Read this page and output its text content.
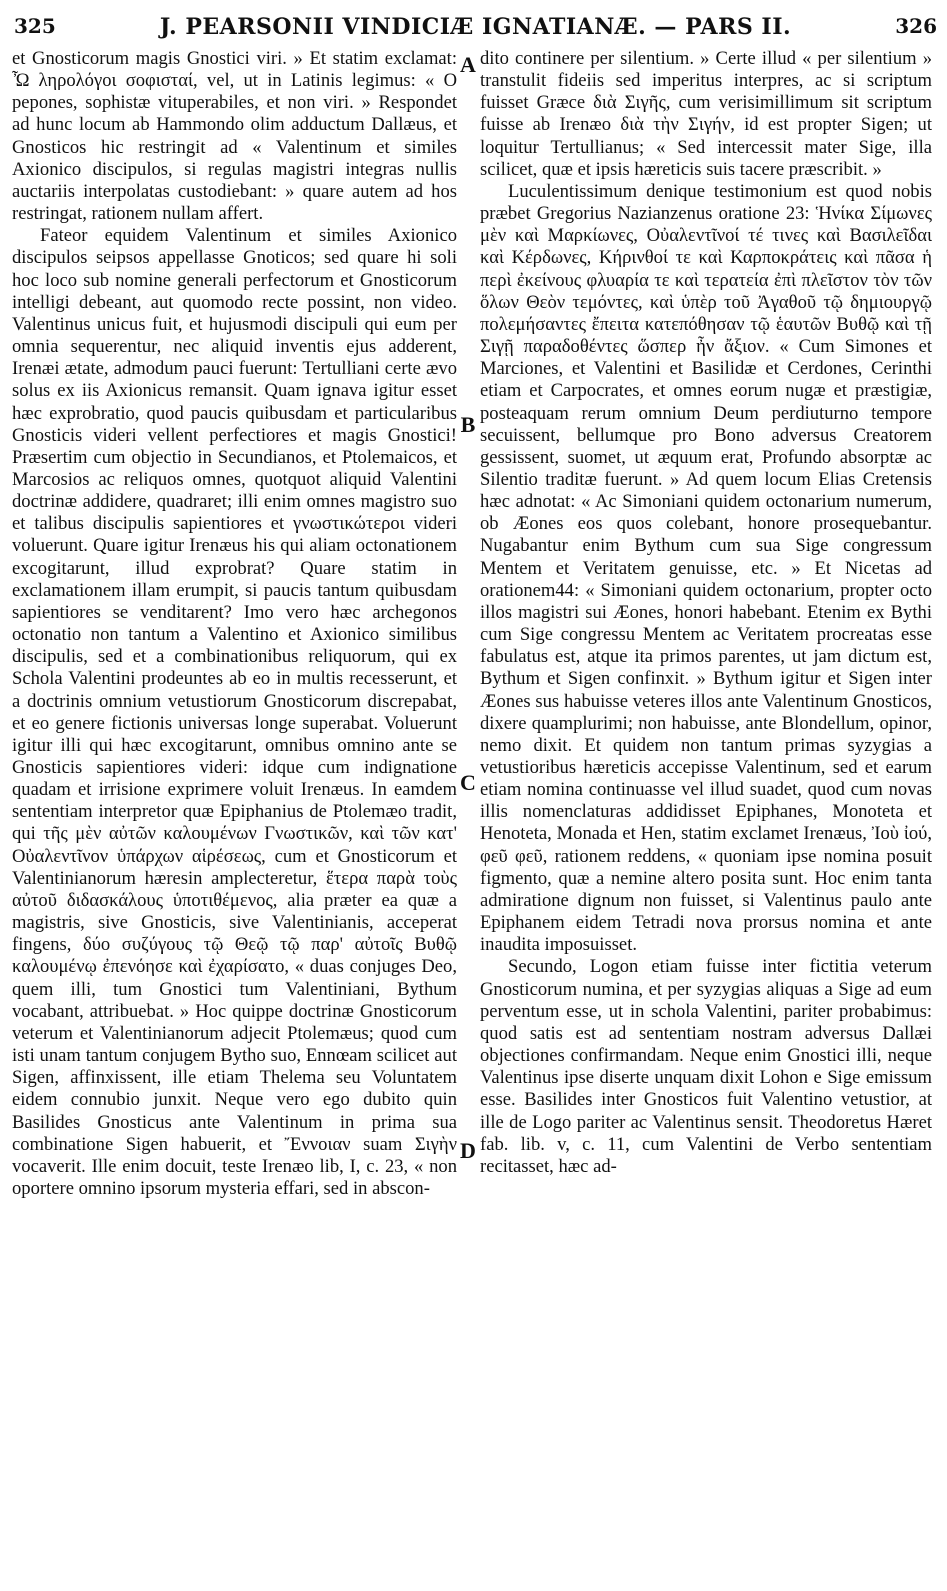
325	J. PEARSONII VINDICIÆ IGNATIANÆ. — PARS II.	326

et Gnosticorum magis Gnostici viri. » Et statim exclamat: Ὦ ληρολόγοι σοφισταί, vel, ut in Latinis legimus: « O pepones, sophistæ vituperabiles, et non viri. » Respondet ad hunc locum ab Hammondo olim adductum Dallæus, et Gnosticos hic restringit ad « Valentinum et similes Axionico discipulos, si regulas magistri integras nullis auctariis interpolatas custodiebant: » quare autem ad hos restringat, rationem nullam affert.

Fateor equidem Valentinum et similes Axionico discipulos seipsos appellasse Gnoticos; sed quare hi soli hoc loco sub nomine generali perfectorum et Gnosticorum intelligi debeant, aut quomodo recte possint, non video. Valentinus unicus fuit, et hujusmodi discipuli qui eum per omnia sequerentur, nec aliquid inventis ejus adderent, Irenæi ætate, admodum pauci fuerunt: Tertulliani certe ævo solus ex iis Axionicus remansit. Quam ignava igitur esset hæc exprobratio, quod paucis quibusdam et particularibus Gnosticis videri vellent perfectiores et magis Gnostici! Præsertim cum objectio in Secundianos, et Ptolemaicos, et Marcosios ac reliquos omnes, quotquot aliquid Valentini doctrinæ addidere, quadraret; illi enim omnes magistro suo et talibus discipulis sapientiores et γνωστικώτεροι videri voluerunt. Quare igitur Irenæus his qui aliam octonationem excogitarunt, illud exprobrat? Quare statim in exclamationem illam erumpit, si paucis tantum quibusdam sapientiores se venditarent? Imo vero hæc archegonos octonatio non tantum a Valentino et Axionico similibus discipulis, sed et a combinationibus reliquorum, qui ex Schola Valentini prodeuntes ab eo in multis recesserunt, et a doctrinis omnium vetustiorum Gnosticorum discrepabat, et eo genere fictionis universas longe superabat. Voluerunt igitur illi qui hæc excogitarunt, omnibus omnino ante se Gnosticis sapientiores videri: idque cum indignatione quadam et irrisione exprimere voluit Irenæus. In eamdem sententiam interpretor quæ Epiphanius de Ptolemæo tradit, qui τῆς μὲν αὐτῶν καλουμένων Γνωστικῶν, καὶ τῶν κατ' Οὐαλεντῖνον ὑπάρχων αἱρέσεως, cum et Gnosticorum et Valentinianorum hæresin amplecteretur, ἕτερα παρὰ τοὺς αὐτοῦ διδασκάλους ὑποτιθέμενος, alia præter ea quæ a magistris, sive Gnosticis, sive Valentinianis, acceperat fingens, δύο συζύγους τῷ Θεῷ τῷ παρ' αὐτοῖς Βυθῷ καλουμένῳ ἐπενόησε καὶ ἐχαρίσατο, « duas conjuges Deo, quem illi, tum Gnostici tum Valentiniani, Bythum vocabant, attribuebat. » Hoc quippe doctrinæ Gnosticorum veterum et Valentinianorum adjecit Ptolemæus; quod cum isti unam tantum conjugem Bytho suo, Ennœam scilicet aut Sigen, affinxissent, ille etiam Thelema seu Voluntatem eidem connubio junxit. Neque vero ego dubito quin Basilides Gnosticus ante Valentinum in prima sua combinatione Sigen habuerit, et Ἔννοιαν suam Σιγὴν vocaverit. Ille enim docuit, teste Irenæo lib, I, c. 23, « non oportere omnino ipsorum mysteria effari, sed in abscon-

A
B
C
D

dito continere per silentium. » Certe illud « per silentium » transtulit fideiis sed imperitus interpres, ac si scriptum fuisset Græce διὰ Σιγῆς, cum verisimillimum sit scriptum fuisse ab Irenæo διὰ τὴν Σιγήν, id est propter Sigen; ut loquitur Tertullianus; « Sed intercessit mater Sige, illa scilicet, quæ et ipsis hæreticis suis tacere præscribit. »

Luculentissimum denique testimonium est quod nobis præbet Gregorius Nazianzenus oratione 23: Ἡνίκα Σίμωνες μὲν καὶ Μαρκίωνες, Οὐαλεντῖνοί τέ τινες καὶ Βασιλεῖδαι καὶ Κέρδωνες, Κήρινθοί τε καὶ Καρποκράτεις καὶ πᾶσα ἡ περὶ ἐκείνους φλυαρία τε καὶ τερατεία ἐπὶ πλεῖστον τὸν τῶν ὅλων Θεὸν τεμόντες, καὶ ὑπὲρ τοῦ Ἀγαθοῦ τῷ δημιουργῷ πολεμήσαντες ἔπειτα κατεπόθησαν τῷ ἑαυτῶν Βυθῷ καὶ τῇ Σιγῇ παραδοθέντες ὥσπερ ἦν ἄξιον. « Cum Simones et Marciones, et Valentini et Basilidæ et Cerdones, Cerinthi etiam et Carpocrates, et omnes eorum nugæ et præstigiæ, posteaquam rerum omnium Deum perdiuturno tempore secuissent, bellumque pro Bono adversus Creatorem gessissent, suomet, ut æquum erat, Profundo absorptæ ac Silentio traditæ fuerunt. » Ad quem locum Elias Cretensis hæc adnotat: « Ac Simoniani quidem octonarium numerum, ob Æones eos quos colebant, honore prosequebantur. Nugabantur enim Bythum cum sua Sige congressum Mentem et Veritatem genuisse, etc. » Et Nicetas ad orationem44: « Simoniani quidem octonarium, propter octo illos magistri sui Æones, honori habebant. Etenim ex Bythi cum Sige congressu Mentem ac Veritatem procreatas esse fabulatus est, atque ita primos parentes, ut jam dictum est, Bythum et Sigen confinxit. » Bythum igitur et Sigen inter Æones sus habuisse veteres illos ante Valentinum Gnosticos, dixere quamplurimi; non habuisse, ante Blondellum, opinor, nemo dixit. Et quidem non tantum primas syzygias a vetustioribus hæreticis accepisse Valentinum, sed et earum etiam nomina continuasse vel illud suadet, quod cum novas illis nomenclaturas addidisset Epiphanes, Monoteta et Henoteta, Monada et Hen, statim exclamet Irenæus, Ἰοὺ ἰού, φεῦ φεῦ, rationem reddens, « quoniam ipse nomina posuit figmento, quæ a nemine altero posita sunt. Hoc enim tanta admiratione dignum non fuisset, si Valentinus paulo ante Epiphanem eidem Tetradi nova prorsus nomina et ante inaudita imposuisset.

Secundo, Logon etiam fuisse inter fictitia veterum Gnosticorum numina, et per syzygias aliquas a Sige ad eum perventum esse, ut in schola Valentini, pariter probabimus: quod satis est ad sententiam nostram adversus Dallæi objectiones confirmandam. Neque enim Gnostici illi, neque Valentinus ipse diserte unquam dixit Lohon e Sige emissum esse. Basilides inter Gnosticos fuit Valentino vetustior, at ille de Logo pariter ac Valentinus sensit. Theodoretus Hæret fab. lib. v, c. 11, cum Valentini de Verbo sententiam recitasset, hæc ad-
